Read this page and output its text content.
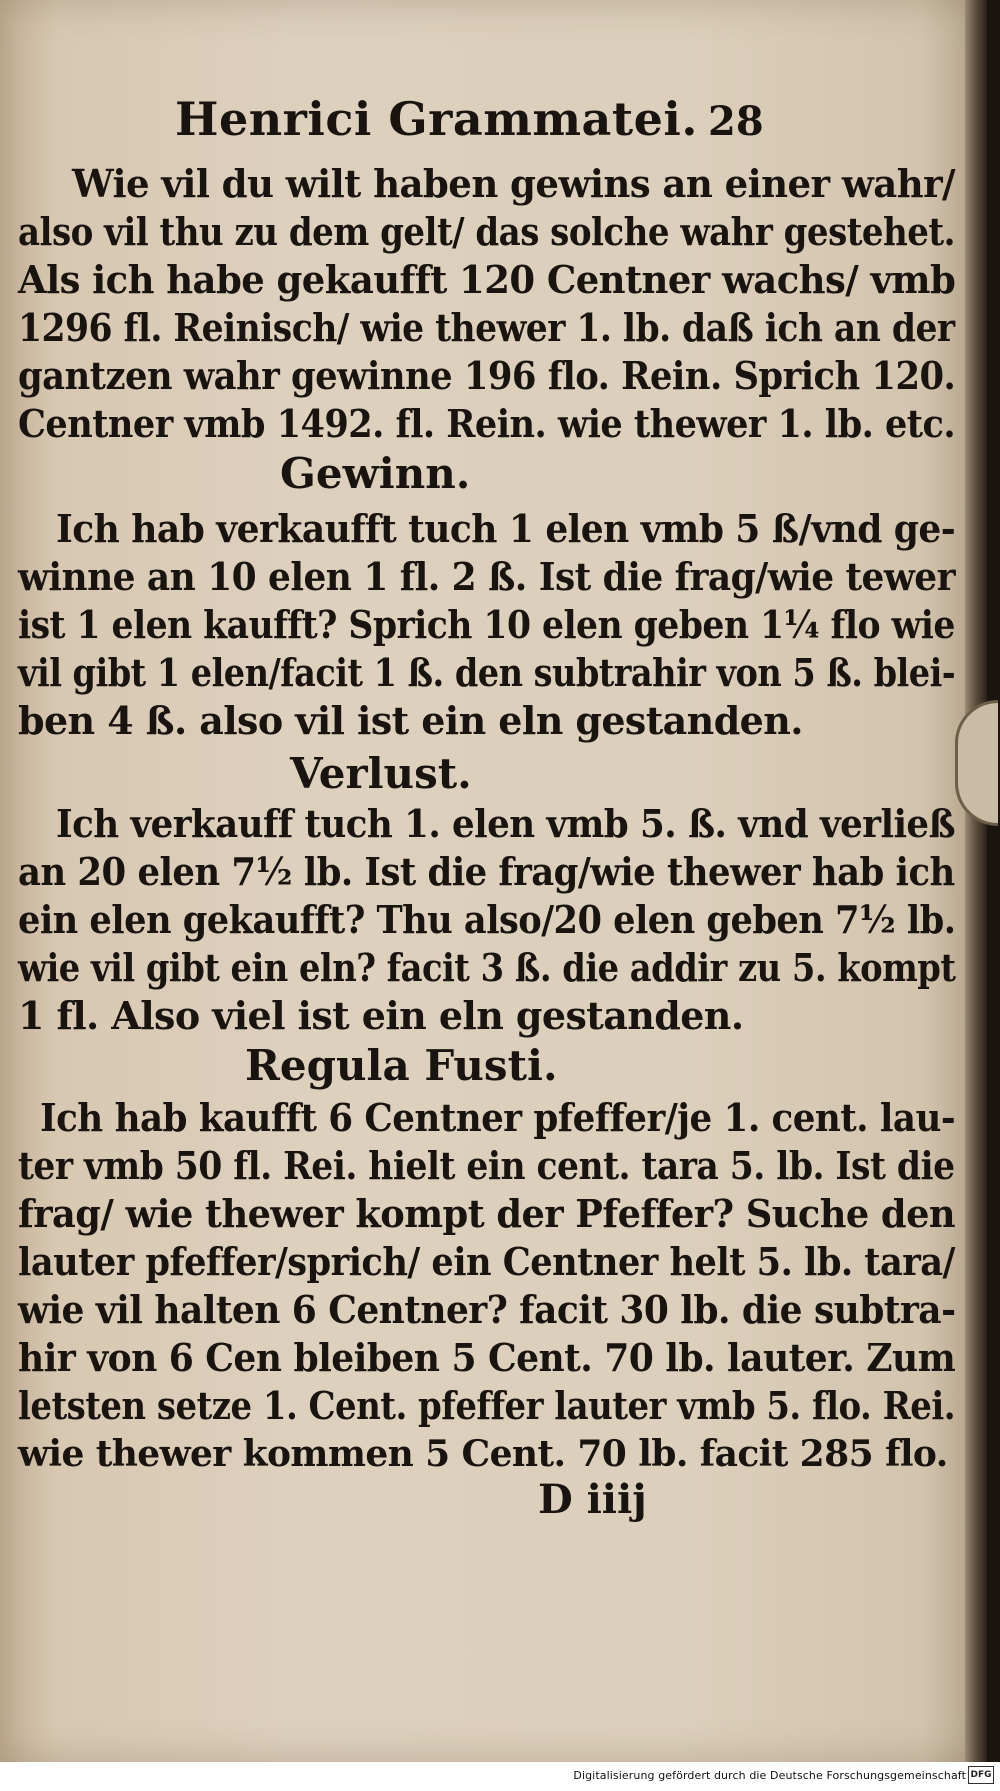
Henrici Grammatei. 28
Wie vil du wilt haben gewins an einer wahr/
also vil thu zu dem gelt/ das solche wahr gestehet.
Als ich habe gekaufft 120 Centner wachs/ vmb
1296 fl. Reinisch/ wie thewer 1. lb. daß ich an der
gantzen wahr gewinne 196 flo. Rein. Sprich 120.
Centner vmb 1492. fl. Rein. wie thewer 1. lb. etc.
Gewinn.
Ich hab verkaufft tuch 1 elen vmb 5 ß/vnd ge-
winne an 10 elen 1 fl. 2 ß. Ist die frag/wie tewer
ist 1 elen kaufft? Sprich 10 elen geben 1¼ flo wie
vil gibt 1 elen/facit 1 ß. den subtrahir von 5 ß. blei-
ben 4 ß. also vil ist ein eln gestanden.
Verlust.
Ich verkauff tuch 1. elen vmb 5. ß. vnd verließ
an 20 elen 7½ lb. Ist die frag/wie thewer hab ich
ein elen gekaufft? Thu also/20 elen geben 7½ lb.
wie vil gibt ein eln? facit 3 ß. die addir zu 5. kompt
1 fl. Also viel ist ein eln gestanden.
Regula Fusti.
Ich hab kaufft 6 Centner pfeffer/je 1. cent. lau-
ter vmb 50 fl. Rei. hielt ein cent. tara 5. lb. Ist die
frag/ wie thewer kompt der Pfeffer? Suche den
lauter pfeffer/sprich/ ein Centner helt 5. lb. tara/
wie vil halten 6 Centner? facit 30 lb. die subtra-
hir von 6 Cen bleiben 5 Cent. 70 lb. lauter. Zum
letsten setze 1. Cent. pfeffer lauter vmb 5. flo. Rei.
wie thewer kommen 5 Cent. 70 lb. facit 285 flo.
D iiij
Digitalisierung gefördert durch die Deutsche Forschungsgemeinschaft DFG
